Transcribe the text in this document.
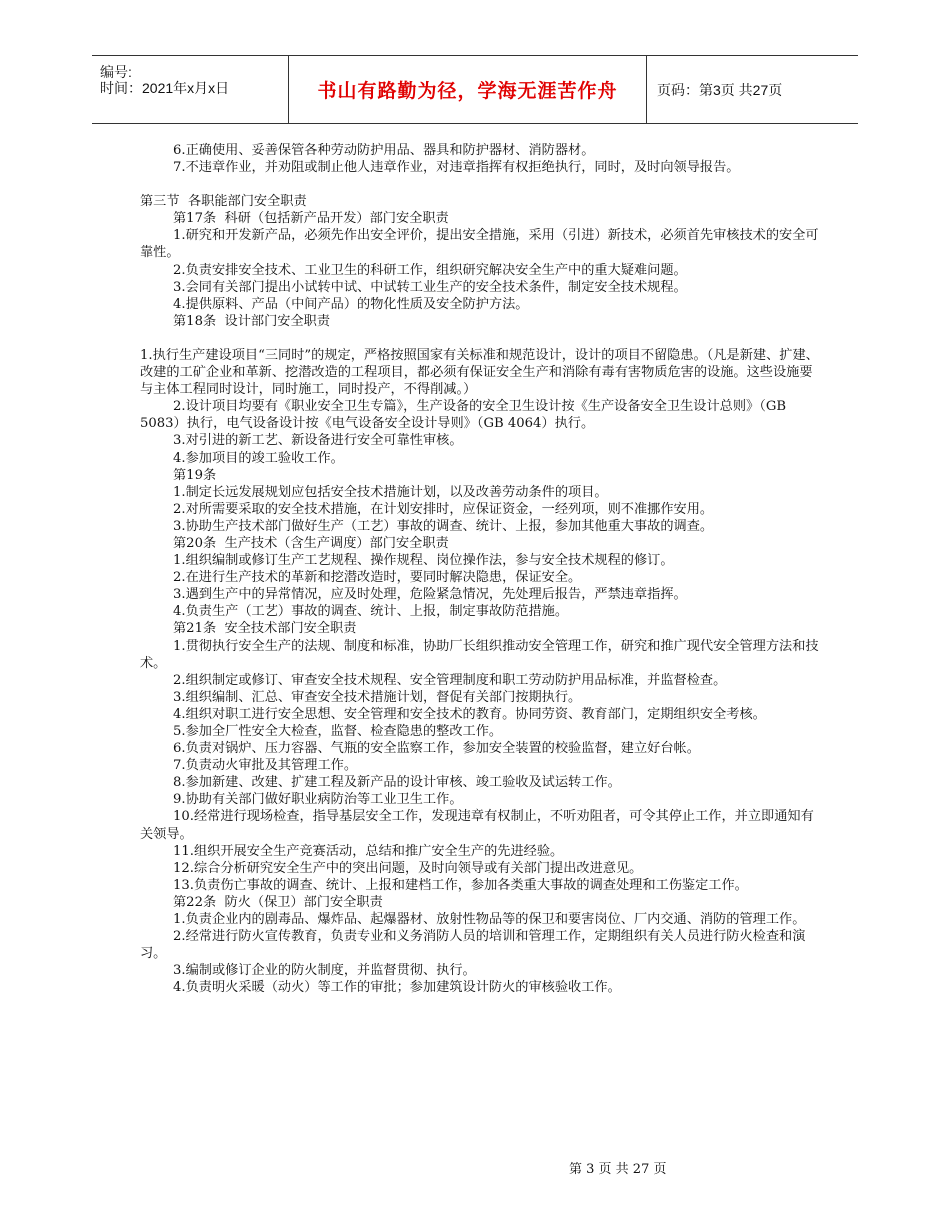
编号:
时间：2021年x月x日	书山有路勤为径，学海无涯苦作舟	页码：第3页 共27页

6.正确使用、妥善保管各种劳动防护用品、器具和防护器材、消防器材。

7.不违章作业，并劝阻或制止他人违章作业，对违章指挥有权拒绝执行，同时，及时向领导报告。

第三节  各职能部门安全职责

第17条  科研（包括新产品开发）部门安全职责

1.研究和开发新产品，必须先作出安全评价，提出安全措施，采用（引进）新技术，必须首先审核技术的安全可靠性。

2.负责安排安全技术、工业卫生的科研工作，组织研究解决安全生产中的重大疑难问题。

3.会同有关部门提出小试转中试、中试转工业生产的安全技术条件，制定安全技术规程。

4.提供原料、产品（中间产品）的物化性质及安全防护方法。

第18条  设计部门安全职责

1.执行生产建设项目“三同时”的规定，严格按照国家有关标准和规范设计，设计的项目不留隐患。（凡是新建、扩建、改建的工矿企业和革新、挖潜改造的工程项目，都必须有保证安全生产和消除有毒有害物质危害的设施。这些设施要与主体工程同时设计，同时施工，同时投产，不得削减。）

2.设计项目均要有《职业安全卫生专篇》，生产设备的安全卫生设计按《生产设备安全卫生设计总则》（GB

5083）执行，电气设备设计按《电气设备安全设计导则》（GB 4064）执行。

3.对引进的新工艺、新设备进行安全可靠性审核。

4.参加项目的竣工验收工作。

第19条

1.制定长远发展规划应包括安全技术措施计划，以及改善劳动条件的项目。

2.对所需要采取的安全技术措施，在计划安排时，应保证资金，一经列项，则不准挪作安用。

3.协助生产技术部门做好生产（工艺）事故的调查、统计、上报，参加其他重大事故的调查。

第20条  生产技术（含生产调度）部门安全职责

1.组织编制或修订生产工艺规程、操作规程、岗位操作法，参与安全技术规程的修订。

2.在进行生产技术的革新和挖潜改造时，要同时解决隐患，保证安全。

3.遇到生产中的异常情况，应及时处理，危险紧急情况，先处理后报告，严禁违章指挥。

4.负责生产（工艺）事故的调查、统计、上报，制定事故防范措施。

第21条  安全技术部门安全职责

1.贯彻执行安全生产的法规、制度和标准，协助厂长组织推动安全管理工作，研究和推广现代安全管理方法和技术。

2.组织制定或修订、审查安全技术规程、安全管理制度和职工劳动防护用品标准，并监督检查。

3.组织编制、汇总、审查安全技术措施计划，督促有关部门按期执行。

4.组织对职工进行安全思想、安全管理和安全技术的教育。协同劳资、教育部门，定期组织安全考核。

5.参加全厂性安全大检查，监督、检查隐患的整改工作。

6.负责对锅炉、压力容器、气瓶的安全监察工作，参加安全装置的校验监督，建立好台帐。

7.负责动火审批及其管理工作。

8.参加新建、改建、扩建工程及新产品的设计审核、竣工验收及试运转工作。

9.协助有关部门做好职业病防治等工业卫生工作。

10.经常进行现场检查，指导基层安全工作，发现违章有权制止，不听劝阻者，可令其停止工作，并立即通知有关领导。

11.组织开展安全生产竞赛活动，总结和推广安全生产的先进经验。

12.综合分析研究安全生产中的突出问题，及时向领导或有关部门提出改进意见。

13.负责伤亡事故的调查、统计、上报和建档工作，参加各类重大事故的调查处理和工伤鉴定工作。

第22条  防火（保卫）部门安全职责

1.负责企业内的剧毒品、爆炸品、起爆器材、放射性物品等的保卫和要害岗位、厂内交通、消防的管理工作。

2.经常进行防火宣传教育，负责专业和义务消防人员的培训和管理工作，定期组织有关人员进行防火检查和演习。

3.编制或修订企业的防火制度，并监督贯彻、执行。

4.负责明火采暖（动火）等工作的审批；参加建筑设计防火的审核验收工作。

第 3 页 共 27 页
